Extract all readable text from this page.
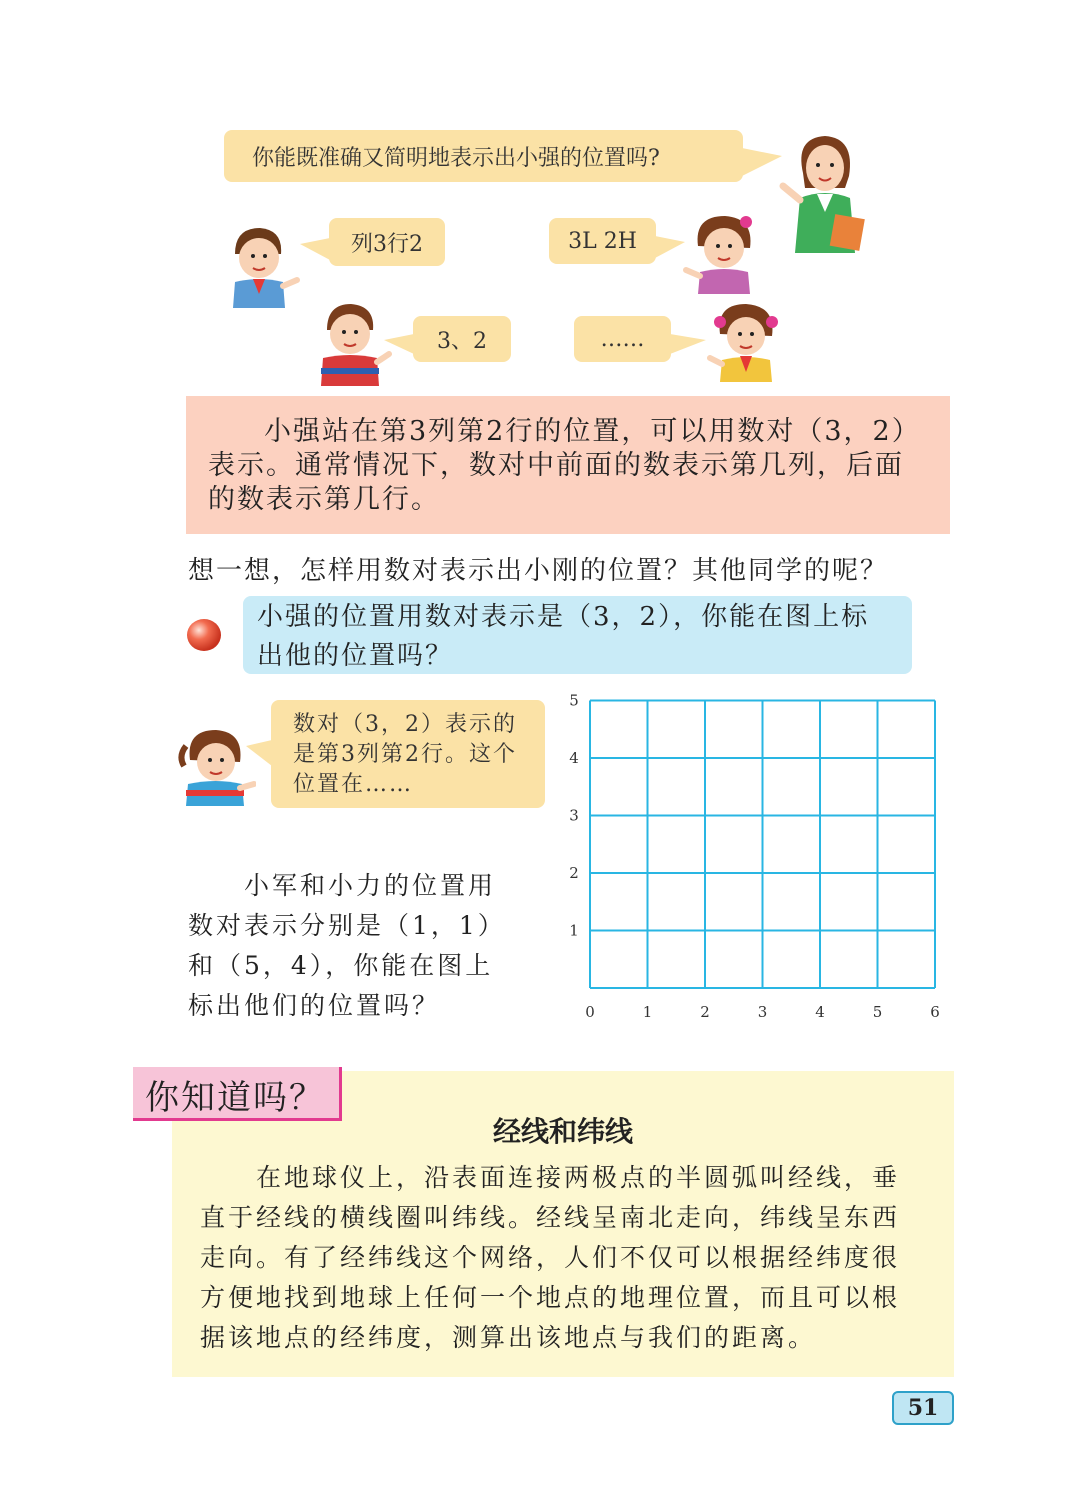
你能既准确又简明地表示出小强的位置吗?
列3行2	3L 2H
3、2	……

小强站在第3列第2行的位置，可以用数对（3，2）

表示。通常情况下，数对中前面的数表示第几列，后面

的数表示第几行。

想一想，怎样用数对表示出小刚的位置？其他同学的呢？

小强的位置用数对表示是（3，2），你能在图上标

出他的位置吗？

数对（3，2）表示的
是第3列第2行。这个
位置在……
小军和小力的位置用
数对表示分别是（1，1）
和（5，4），你能在图上
标出他们的位置吗？	0	1	2	3	4	5	6
1
2
3
4
5
你知道吗？
经线和纬线
在地球仪上，沿表面连接两极点的半圆弧叫经线，垂
直于经线的横线圈叫纬线。经线呈南北走向，纬线呈东西
走向。有了经纬线这个网络，人们不仅可以根据经纬度很
方便地找到地球上任何一个地点的地理位置，而且可以根
据该地点的经纬度，测算出该地点与我们的距离。
51
